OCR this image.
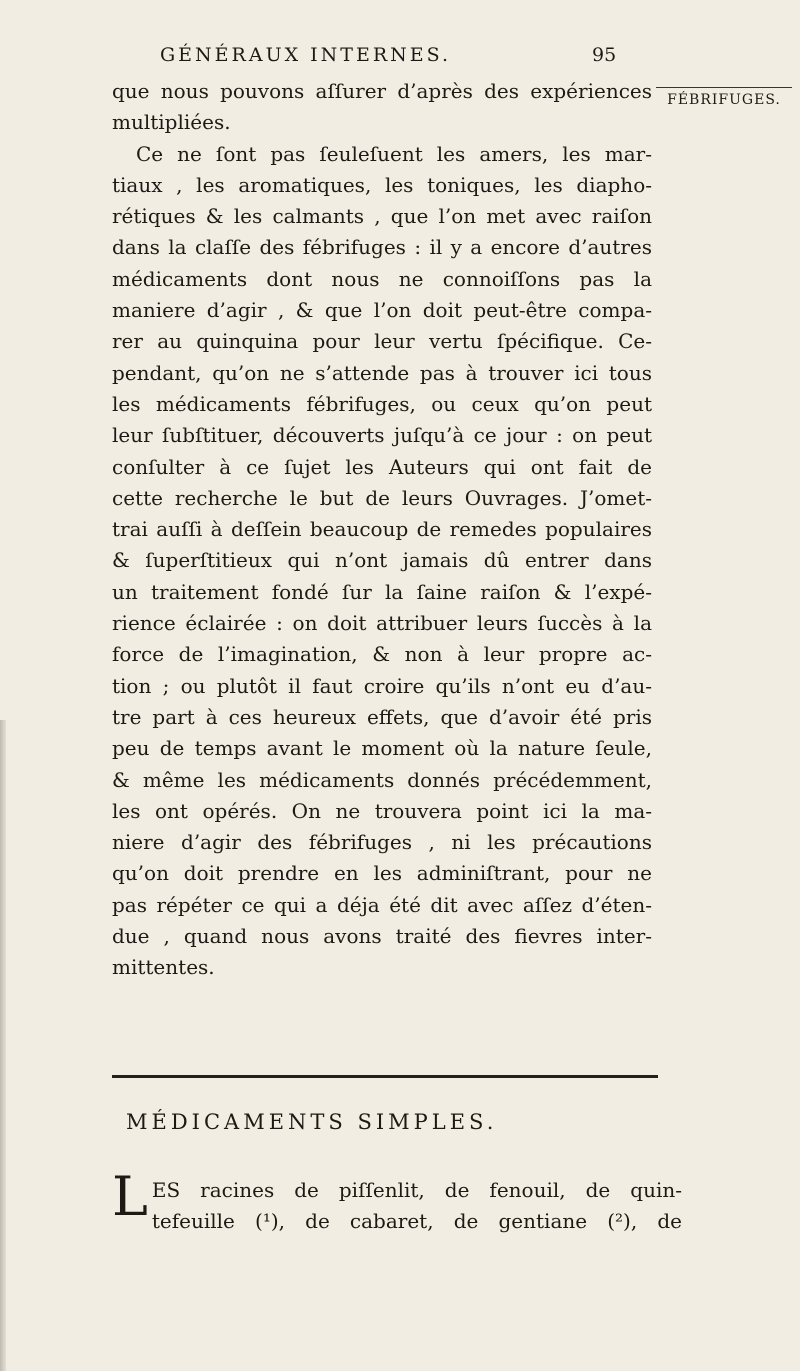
GÉNÉRAUX INTERNES.	95
FÉBRIFUGES.
que nous pouvons aſſurer d’après des expériences
multipliées.
Ce ne ſont pas ſeuleſuent les amers, les mar-
tiaux , les aromatiques, les toniques, les diapho-
rétiques & les calmants , que l’on met avec raiſon
dans la claſſe des fébrifuges : il y a encore d’autres
médicaments dont nous ne connoiſſons pas la
maniere d’agir , & que l’on doit peut-être compa-
rer au quinquina pour leur vertu ſpécifique. Ce-
pendant, qu’on ne s’attende pas à trouver ici tous
les médicaments fébrifuges, ou ceux qu’on peut
leur ſubſtituer, découverts juſqu’à ce jour : on peut
conſulter à ce ſujet les Auteurs qui ont fait de
cette recherche le but de leurs Ouvrages. J’omet-
trai auſſi à deſſein beaucoup de remedes populaires
& ſuperſtitieux qui n’ont jamais dû entrer dans
un traitement fondé ſur la ſaine raiſon & l’expé-
rience éclairée : on doit attribuer leurs ſuccès à la
force de l’imagination, & non à leur propre ac-
tion ; ou plutôt il faut croire qu’ils n’ont eu d’au-
tre part à ces heureux effets, que d’avoir été pris
peu de temps avant le moment où la nature ſeule,
& même les médicaments donnés précédemment,
les ont opérés. On ne trouvera point ici la ma-
niere d’agir des fébrifuges , ni les précautions
qu’on doit prendre en les adminiſtrant, pour ne
pas répéter ce qui a déja été dit avec aſſez d’éten-
due , quand nous avons traité des fievres inter-
mittentes.
MÉDICAMENTS SIMPLES.
L ES racines de piſſenlit, de fenouil, de quin-
tefeuille (¹), de cabaret, de gentiane (²), de
